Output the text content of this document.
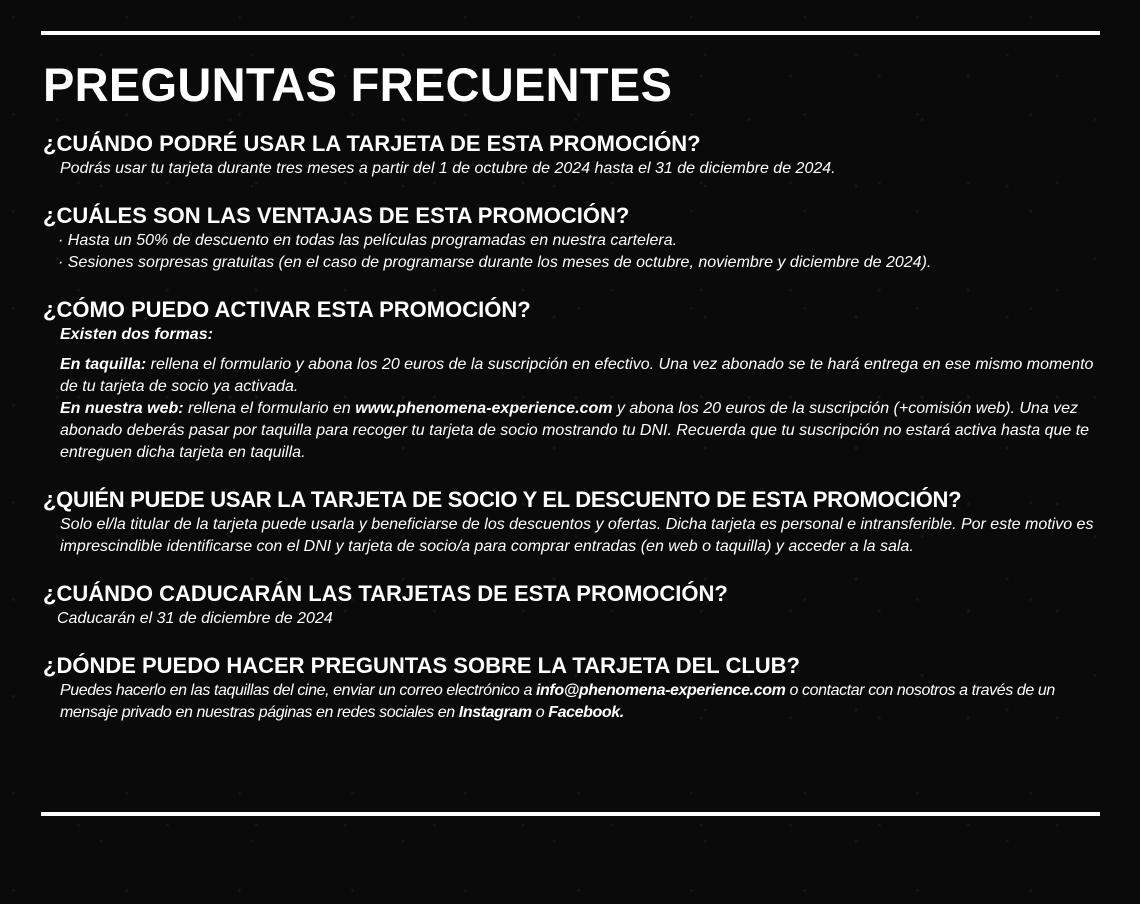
PREGUNTAS FRECUENTES
¿CUÁNDO PODRÉ USAR LA TARJETA DE ESTA PROMOCIÓN?

Podrás usar tu tarjeta durante tres meses a partir del 1 de octubre de 2024 hasta el 31 de diciembre de 2024.

¿CUÁLES SON LAS VENTAJAS DE ESTA PROMOCIÓN?

· Hasta un 50% de descuento en todas las películas programadas en nuestra cartelera.

· Sesiones sorpresas gratuitas (en el caso de programarse durante los meses de octubre, noviembre y diciembre de 2024).

¿CÓMO PUEDO ACTIVAR ESTA PROMOCIÓN?

Existen dos formas:

En taquilla: rellena el formulario y abona los 20 euros de la suscripción en efectivo. Una vez abonado se te hará entrega en ese mismo momento de tu tarjeta de socio ya activada.

En nuestra web: rellena el formulario en www.phenomena-experience.com y abona los 20 euros de la suscripción (+comisión web). Una vez abonado deberás pasar por taquilla para recoger tu tarjeta de socio mostrando tu DNI. Recuerda que tu suscripción no estará activa hasta que te entreguen dicha tarjeta en taquilla.

¿QUIÉN PUEDE USAR LA TARJETA DE SOCIO Y EL DESCUENTO DE ESTA PROMOCIÓN?

Solo el/la titular de la tarjeta puede usarla y beneficiarse de los descuentos y ofertas. Dicha tarjeta es personal e intransferible. Por este motivo es imprescindible identificarse con el DNI y tarjeta de socio/a para comprar entradas (en web o taquilla) y acceder a la sala.

¿CUÁNDO CADUCARÁN LAS TARJETAS DE ESTA PROMOCIÓN?

Caducarán el 31 de diciembre de 2024

¿DÓNDE PUEDO HACER PREGUNTAS SOBRE LA TARJETA DEL CLUB?

Puedes hacerlo en las taquillas del cine, enviar un correo electrónico a info@phenomena-experience.com o contactar con nosotros a través de un mensaje privado en nuestras páginas en redes sociales en Instagram o Facebook.
